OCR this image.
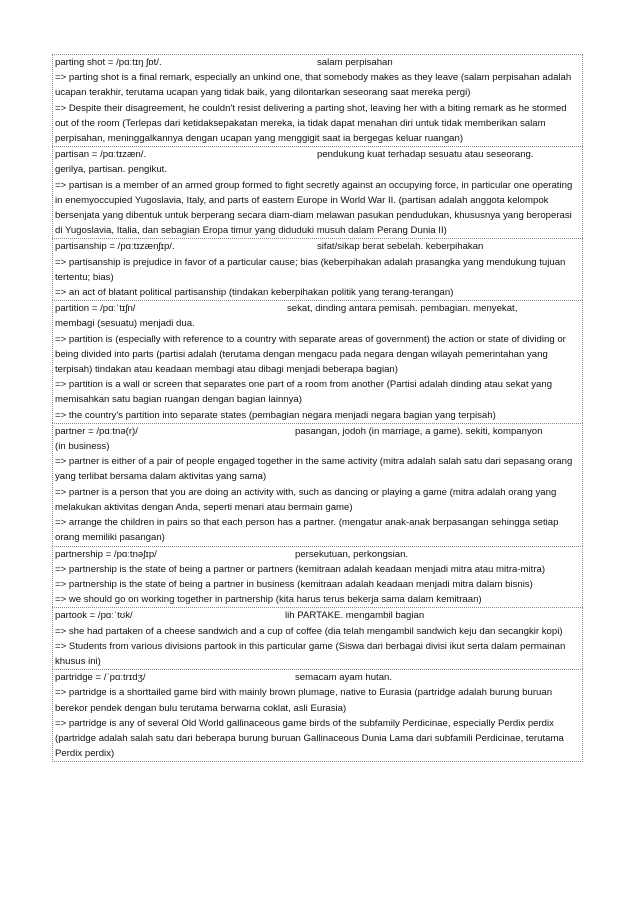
parting shot = /pɑːtɪŋ ʃɒt/.	salam perpisahan
=> parting shot is a final remark, especially an unkind one, that somebody makes as they leave (salam perpisahan adalah ucapan terakhir, terutama ucapan yang tidak baik, yang dilontarkan seseorang saat mereka pergi)
=> Despite their disagreement, he couldn't resist delivering a parting shot, leaving her with a biting remark as he stormed out of the room (Terlepas dari ketidaksepakatan mereka, ia tidak dapat menahan diri untuk tidak memberikan salam perpisahan, meninggalkannya dengan ucapan yang menggigit saat ia bergegas keluar ruangan)
partisan = /pɑːtɪzæn/.	pendukung kuat terhadap sesuatu atau seseorang.
gerilya, partisan. pengikut.
=> partisan is a member of an armed group formed to fight secretly against an occupying force, in particular one operating in enemyoccupied Yugoslavia, Italy, and parts of eastern Europe in World War II. (partisan adalah anggota kelompok bersenjata yang dibentuk untuk berperang secara diam-diam melawan pasukan pendudukan, khususnya yang beroperasi di Yugoslavia, Italia, dan sebagian Eropa timur yang diduduki musuh dalam Perang Dunia II)
partisanship = /pɑːtɪzænʃɪp/.	sifat/sikap berat sebelah. keberpihakan
=> partisanship is prejudice in favor of a particular cause; bias (keberpihakan adalah prasangka yang mendukung tujuan tertentu; bias)
=> an act of blatant political partisanship (tindakan keberpihakan politik yang terang-terangan)
partition = /pɑːˈtɪʃn/	sekat, dinding antara pemisah. pembagian. menyekat,
membagi (sesuatu) menjadi dua.
=> partition is (especially with reference to a country with separate areas of government) the action or state of dividing or being divided into parts (partisi adalah (terutama dengan mengacu pada negara dengan wilayah pemerintahan yang terpisah) tindakan atau keadaan membagi atau dibagi menjadi beberapa bagian)
=> partition is a wall or screen that separates one part of a room from another (Partisi adalah dinding atau sekat yang memisahkan satu bagian ruangan dengan bagian lainnya)
=> the country's partition into separate states (pembagian negara menjadi negara bagian yang terpisah)
partner = /pɑːtnə(r)/	pasangan, jodoh (in marriage, a game). sekiti, kompanyon
(in business)
=> partner is either of a pair of people engaged together in the same activity (mitra adalah salah satu dari sepasang orang yang terlibat bersama dalam aktivitas yang sama)
=> partner is a person that you are doing an activity with, such as dancing or playing a game (mitra adalah orang yang melakukan aktivitas dengan Anda, seperti menari atau bermain game)
=> arrange the children in pairs so that each person has a partner. (mengatur anak-anak berpasangan sehingga setiap orang memiliki pasangan)
partnership = /pɑːtnəʃɪp/	persekutuan, perkongsian.
=> partnership is the state of being a partner or partners (kemitraan adalah keadaan menjadi mitra atau mitra-mitra)
=> partnership is the state of being a partner in business (kemitraan adalah keadaan menjadi mitra dalam bisnis)
=> we should go on working together in partnership (kita harus terus bekerja sama dalam kemitraan)
partook = /pɑːˈtʊk/	lih PARTAKE. mengambil bagian
=> she had partaken of a cheese sandwich and a cup of coffee (dia telah mengambil sandwich keju dan secangkir kopi)
=> Students from various divisions partook in this particular game (Siswa dari berbagai divisi ikut serta dalam permainan khusus ini)
partridge = /ˈpɑːtrɪdʒ/	semacam ayam hutan.
=> partridge is a shorttailed game bird with mainly brown plumage, native to Eurasia (partridge adalah burung buruan berekor pendek dengan bulu terutama berwarna coklat, asli Eurasia)
=> partridge is any of several Old World gallinaceous game birds of the subfamily Perdicinae, especially Perdix perdix (partridge adalah salah satu dari beberapa burung buruan Gallinaceous Dunia Lama dari subfamili Perdicinae, terutama Perdix perdix)
